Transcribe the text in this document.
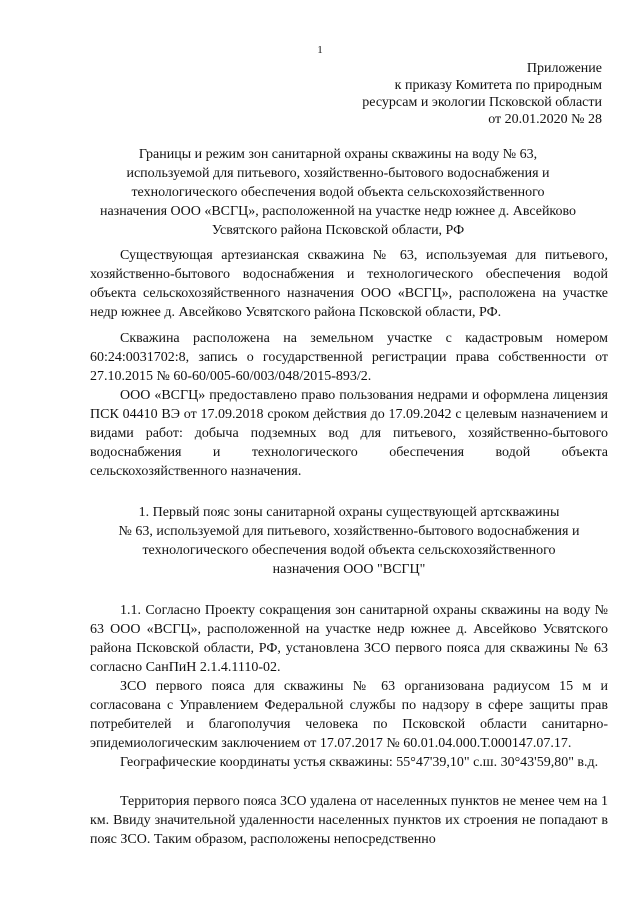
1
Приложение
к приказу Комитета по природным
ресурсам и экологии Псковской области
от 20.01.2020 № 28
Границы и режим зон санитарной охраны скважины на воду № 63,
используемой для питьевого, хозяйственно-бытового водоснабжения и
технологического обеспечения водой объекта сельскохозяйственного
назначения ООО «ВСГЦ», расположенной на участке недр южнее д. Авсейково
Усвятского района Псковской области, РФ

Существующая артезианская скважина № 63, используемая для питьевого, хозяйственно-бытового водоснабжения и технологического обеспечения водой объекта сельскохозяйственного назначения ООО «ВСГЦ», расположена на участке недр южнее д. Авсейково Усвятского района Псковской области, РФ.

Скважина расположена на земельном участке с кадастровым номером 60:24:0031702:8, запись о государственной регистрации права собственности от 27.10.2015 № 60-60/005-60/003/048/2015-893/2.

ООО «ВСГЦ» предоставлено право пользования недрами и оформлена лицензия ПСК 04410 ВЭ от 17.09.2018 сроком действия до 17.09.2042 с целевым назначением и видами работ: добыча подземных вод для питьевого, хозяйственно-бытового водоснабжения и технологического обеспечения водой объекта сельскохозяйственного назначения.

1. Первый пояс зоны санитарной охраны существующей артскважины
№ 63, используемой для питьевого, хозяйственно-бытового водоснабжения и
технологического обеспечения водой объекта сельскохозяйственного
назначения ООО "ВСГЦ"

1.1. Согласно Проекту сокращения зон санитарной охраны скважины на воду № 63 ООО «ВСГЦ», расположенной на участке недр южнее д. Авсейково Усвятского района Псковской области, РФ, установлена ЗСО первого пояса для скважины № 63 согласно СанПиН 2.1.4.1110-02.

ЗСО первого пояса для скважины № 63 организована радиусом 15 м и согласована с Управлением Федеральной службы по надзору в сфере защиты прав потребителей и благополучия человека по Псковской области санитарно-эпидемиологическим заключением от 17.07.2017 № 60.01.04.000.Т.000147.07.17.

Географические координаты устья скважины: 55°47'39,10" с.ш. 30°43'59,80" в.д.

Территория первого пояса ЗСО удалена от населенных пунктов не менее чем на 1 км. Ввиду значительной удаленности населенных пунктов их строения не попадают в пояс ЗСО. Таким образом, расположены непосредственно
